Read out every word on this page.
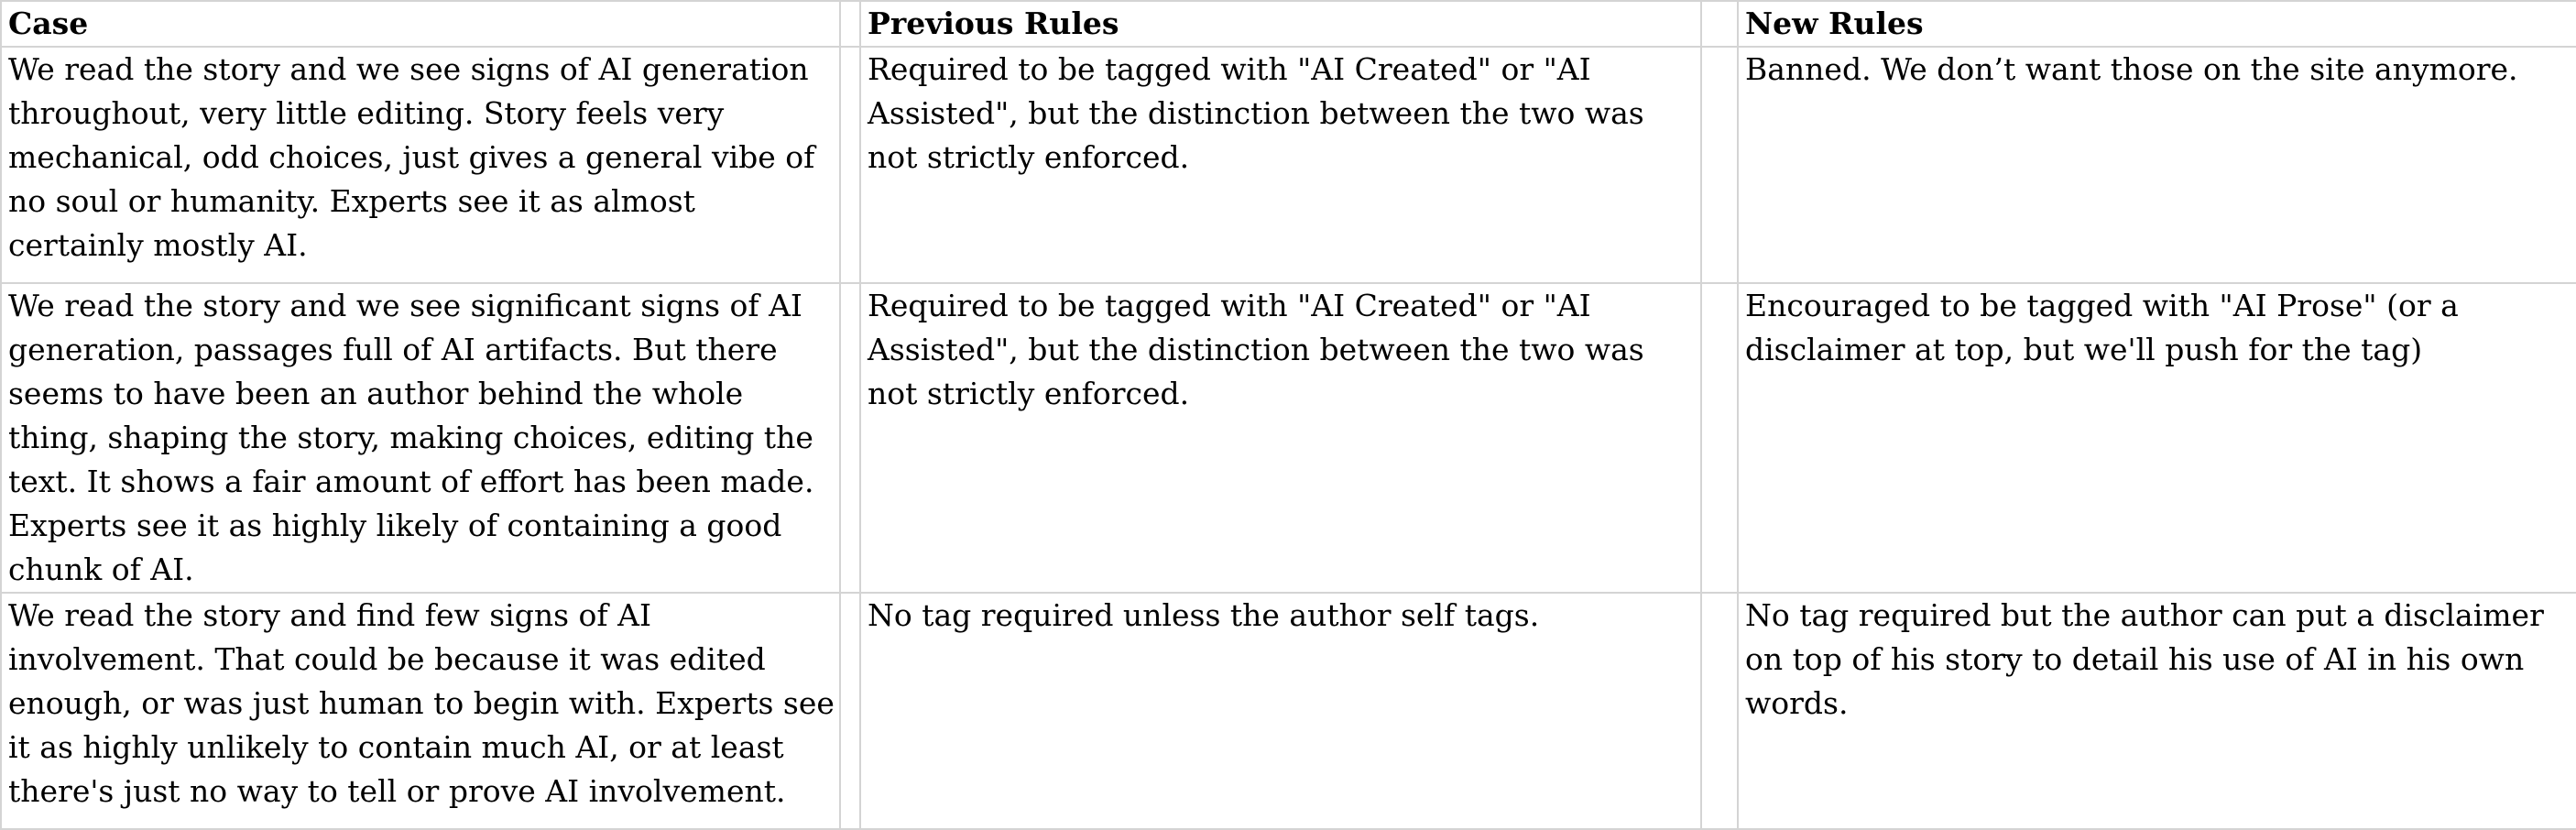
Case		Previous Rules		New Rules

We read the story and we see signs of AI generation throughout, very little editing. Story feels very mechanical, odd choices, just gives a general vibe of no soul or humanity. Experts see it as almost certainly mostly AI.		Required to be tagged with "AI Created" or "AI Assisted", but the distinction between the two was not strictly enforced.		Banned. We don’t want those on the site anymore.

We read the story and we see significant signs of AI generation, passages full of AI artifacts. But there seems to have been an author behind the whole thing, shaping the story, making choices, editing the text. It shows a fair amount of effort has been made. Experts see it as highly likely of containing a good chunk of AI.		Required to be tagged with "AI Created" or "AI Assisted", but the distinction between the two was not strictly enforced.		Encouraged to be tagged with "AI Prose" (or a disclaimer at top, but we'll push for the tag)

We read the story and find few signs of AI involvement. That could be because it was edited enough, or was just human to begin with. Experts see it as highly unlikely to contain much AI, or at least there's just no way to tell or prove AI involvement.		No tag required unless the author self tags.		No tag required but the author can put a disclaimer on top of his story to detail his use of AI in his own words.
